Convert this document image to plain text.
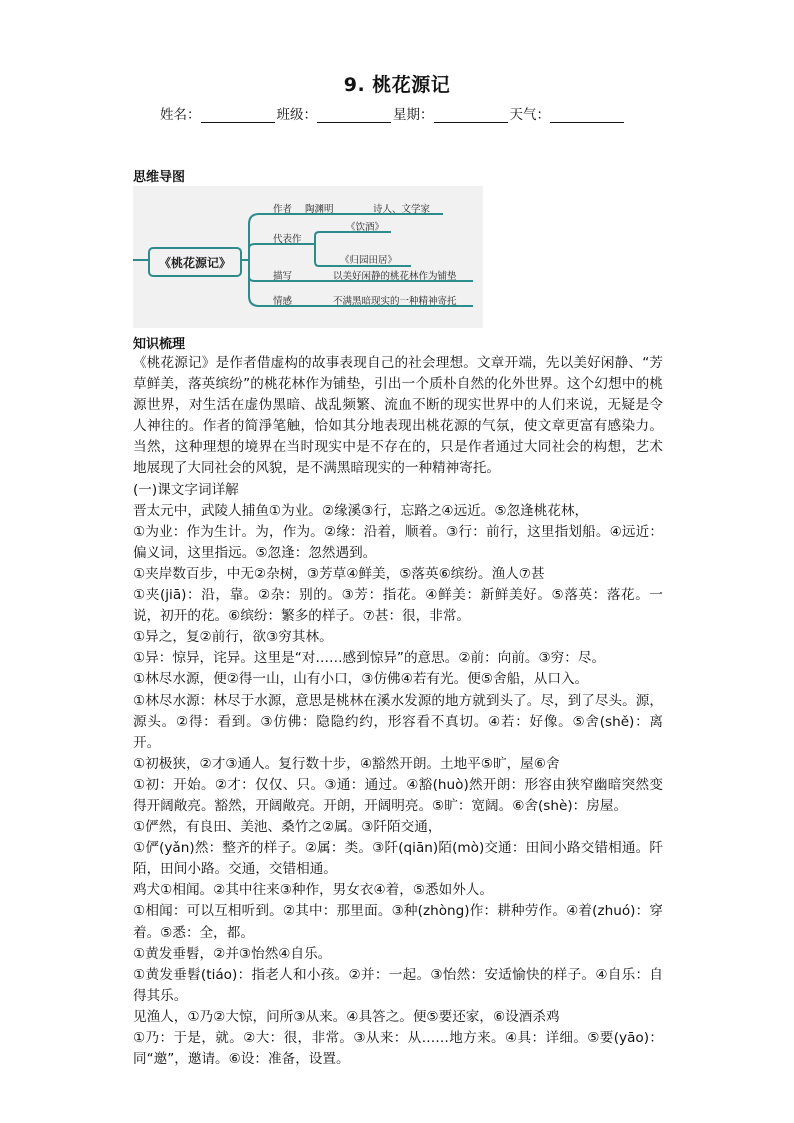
9. 桃花源记
姓名：	班级：	星期：	天气：
思维导图
《桃花源记》
作者 陶渊明	诗人、文学家
代表作
《饮酒》
《归园田居》
描写	以美好闲静的桃花林作为铺垫
情感	不满黑暗现实的一种精神寄托
知识梳理

《桃花源记》是作者借虚构的故事表现自己的社会理想。文章开端，先以美好闲静、“芳草鲜美，落英缤纷”的桃花林作为铺垫，引出一个质朴自然的化外世界。这个幻想中的桃源世界，对生活在虚伪黑暗、战乱频繁、流血不断的现实世界中的人们来说，无疑是令人神往的。作者的简淨笔触，恰如其分地表现出桃花源的气氛，使文章更富有感染力。当然，这种理想的境界在当时现实中是不存在的，只是作者通过大同社会的构想，艺术地展现了大同社会的风貌，是不满黑暗现实的一种精神寄托。

(一)课文字词详解

晋太元中，武陵人捕鱼①为业。②缘溪③行，忘路之④远近。⑤忽逢桃花林，

①为业：作为生计。为，作为。②缘：沿着，顺着。③行：前行，这里指划船。④远近：偏义词，这里指远。⑤忽逢：忽然遇到。

①夹岸数百步，中无②杂树，③芳草④鲜美，⑤落英⑥缤纷。渔人⑦甚

①夹(jiā)：沿，靠。②杂：别的。③芳：指花。④鲜美：新鲜美好。⑤落英：落花。一说，初开的花。⑥缤纷：繁多的样子。⑦甚：很，非常。

①异之，复②前行，欲③穷其林。

①异：惊异，诧异。这里是“对……感到惊异”的意思。②前：向前。③穷：尽。

①林尽水源，便②得一山，山有小口，③仿佛④若有光。便⑤舍船，从口入。

①林尽水源：林尽于水源，意思是桃林在溪水发源的地方就到头了。尽，到了尽头。源，源头。②得：看到。③仿佛：隐隐约约，形容看不真切。④若：好像。⑤舍(shě)：离开。

①初极狭，②才③通人。复行数十步，④豁然开朗。土地平⑤旷，屋⑥舍

①初：开始。②才：仅仅、只。③通：通过。④豁(huò)然开朗：形容由狭窄幽暗突然变得开阔敞亮。豁然，开阔敞亮。开朗，开阔明亮。⑤旷：宽阔。⑥舍(shè)：房屋。

①俨然，有良田、美池、桑竹之②属。③阡陌交通，

①俨(yǎn)然：整齐的样子。②属：类。③阡(qiān)陌(mò)交通：田间小路交错相通。阡陌，田间小路。交通，交错相通。

鸡犬①相闻。②其中往来③种作，男女衣④着，⑤悉如外人。

①相闻：可以互相听到。②其中：那里面。③种(zhòng)作：耕种劳作。④着(zhuó)：穿着。⑤悉：全，都。

①黄发垂髫，②并③怡然④自乐。

①黄发垂髫(tiáo)：指老人和小孩。②并：一起。③怡然：安适愉快的样子。④自乐：自得其乐。

见渔人，①乃②大惊，问所③从来。④具答之。便⑤要还家，⑥设酒杀鸡

①乃：于是，就。②大：很，非常。③从来：从……地方来。④具：详细。⑤要(yāo)：同“邀”，邀请。⑥设：准备，设置。
